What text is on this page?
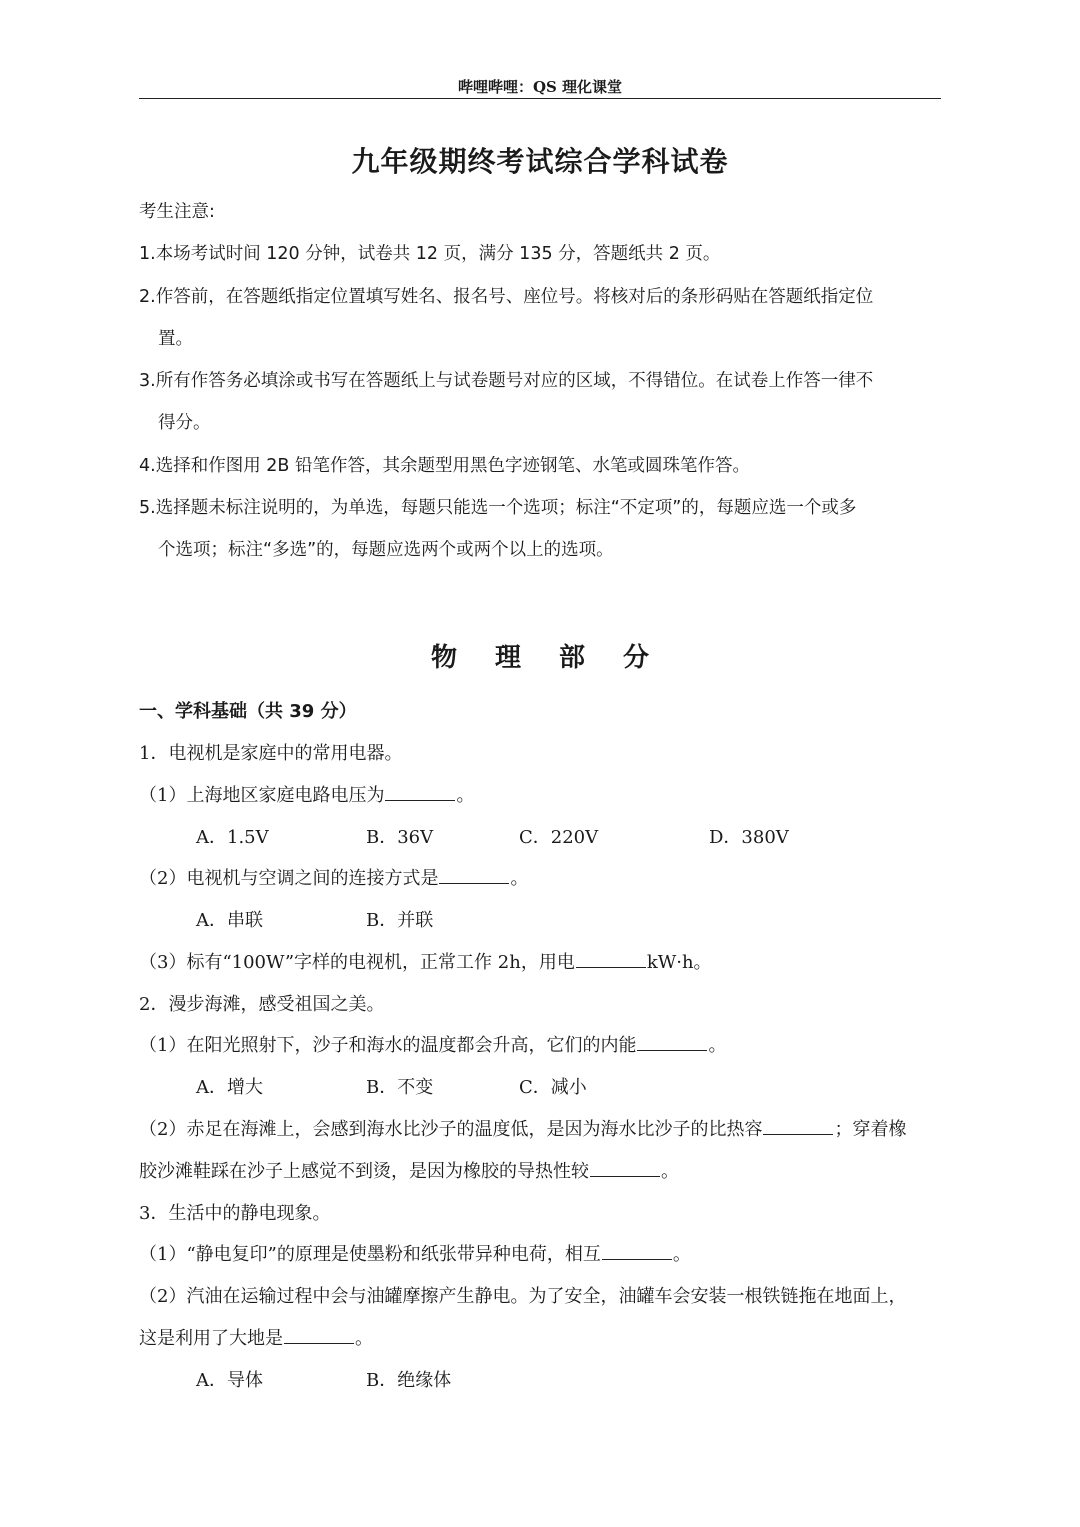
哔哩哔哩：QS 理化课堂
九年级期终考试综合学科试卷
考生注意:
1.本场考试时间 120 分钟，试卷共 12 页，满分 135 分，答题纸共 2 页。
2.作答前，在答题纸指定位置填写姓名、报名号、座位号。将核对后的条形码贴在答题纸指定位
置。
3.所有作答务必填涂或书写在答题纸上与试卷题号对应的区域，不得错位。在试卷上作答一律不
得分。
4.选择和作图用 2B 铅笔作答，其余题型用黑色字迹钢笔、水笔或圆珠笔作答。
5.选择题未标注说明的，为单选，每题只能选一个选项；标注“不定项”的，每题应选一个或多
个选项；标注“多选”的，每题应选两个或两个以上的选项。
物 理 部 分
一、学科基础（共 39 分）
1．电视机是家庭中的常用电器。
（1）上海地区家庭电路电压为	。
A．1.5V	B．36V	C．220V	D．380V
（2）电视机与空调之间的连接方式是	。
A．串联	B．并联
（3）标有“100W”字样的电视机，正常工作 2h，用电	kW·h。
2．漫步海滩，感受祖国之美。
（1）在阳光照射下，沙子和海水的温度都会升高，它们的内能	。
A．增大	B．不变	C．减小
（2）赤足在海滩上，会感到海水比沙子的温度低，是因为海水比沙子的比热容	；穿着橡
胶沙滩鞋踩在沙子上感觉不到烫，是因为橡胶的导热性较	。
3．生活中的静电现象。
（1）“静电复印”的原理是使墨粉和纸张带异种电荷，相互	。
（2）汽油在运输过程中会与油罐摩擦产生静电。为了安全，油罐车会安装一根铁链拖在地面上，
这是利用了大地是	。
A．导体	B．绝缘体
